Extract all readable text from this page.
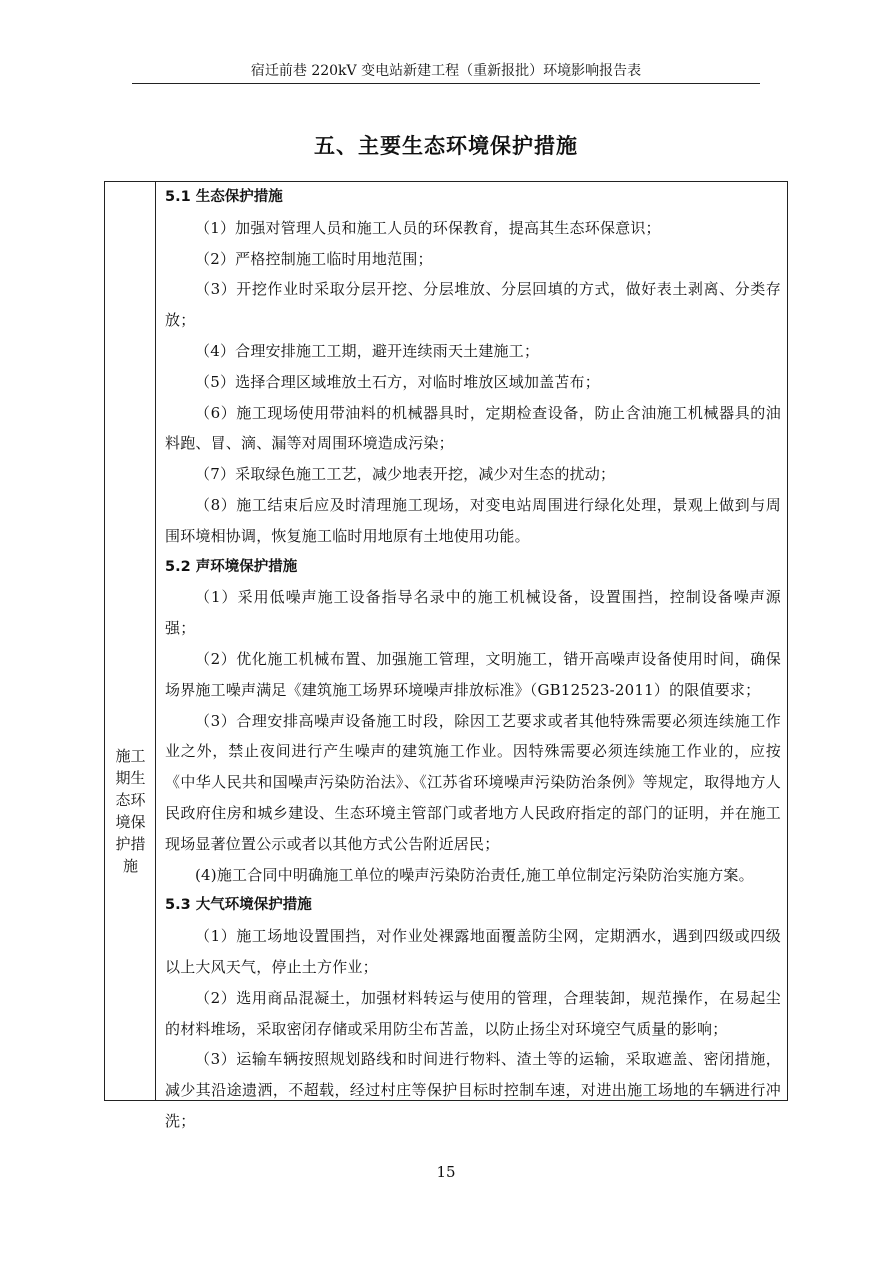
宿迁前巷 220kV 变电站新建工程（重新报批）环境影响报告表
五、主要生态环境保护措施
施工
期生
态环
境保
护措
施
5.1 生态保护措施

（1）加强对管理人员和施工人员的环保教育，提高其生态环保意识；

（2）严格控制施工临时用地范围；

（3）开挖作业时采取分层开挖、分层堆放、分层回填的方式，做好表土剥离、分类存放；

（4）合理安排施工工期，避开连续雨天土建施工；

（5）选择合理区域堆放土石方，对临时堆放区域加盖苫布；

（6）施工现场使用带油料的机械器具时，定期检查设备，防止含油施工机械器具的油料跑、冒、滴、漏等对周围环境造成污染；

（7）采取绿色施工工艺，减少地表开挖，减少对生态的扰动；

（8）施工结束后应及时清理施工现场，对变电站周围进行绿化处理，景观上做到与周围环境相协调，恢复施工临时用地原有土地使用功能。

5.2 声环境保护措施

（1）采用低噪声施工设备指导名录中的施工机械设备，设置围挡，控制设备噪声源强；

（2）优化施工机械布置、加强施工管理，文明施工，错开高噪声设备使用时间，确保场界施工噪声满足《建筑施工场界环境噪声排放标准》（GB12523-2011）的限值要求；

（3）合理安排高噪声设备施工时段，除因工艺要求或者其他特殊需要必须连续施工作业之外，禁止夜间进行产生噪声的建筑施工作业。因特殊需要必须连续施工作业的，应按《中华人民共和国噪声污染防治法》、《江苏省环境噪声污染防治条例》等规定，取得地方人民政府住房和城乡建设、生态环境主管部门或者地方人民政府指定的部门的证明，并在施工现场显著位置公示或者以其他方式公告附近居民；

(4)施工合同中明确施工单位的噪声污染防治责任,施工单位制定污染防治实施方案。

5.3 大气环境保护措施

（1）施工场地设置围挡，对作业处裸露地面覆盖防尘网，定期洒水，遇到四级或四级以上大风天气，停止土方作业；

（2）选用商品混凝土，加强材料转运与使用的管理，合理装卸，规范操作，在易起尘的材料堆场，采取密闭存储或采用防尘布苫盖，以防止扬尘对环境空气质量的影响；

（3）运输车辆按照规划路线和时间进行物料、渣土等的运输，采取遮盖、密闭措施，减少其沿途遗洒，不超载，经过村庄等保护目标时控制车速，对进出施工场地的车辆进行冲洗；

15
